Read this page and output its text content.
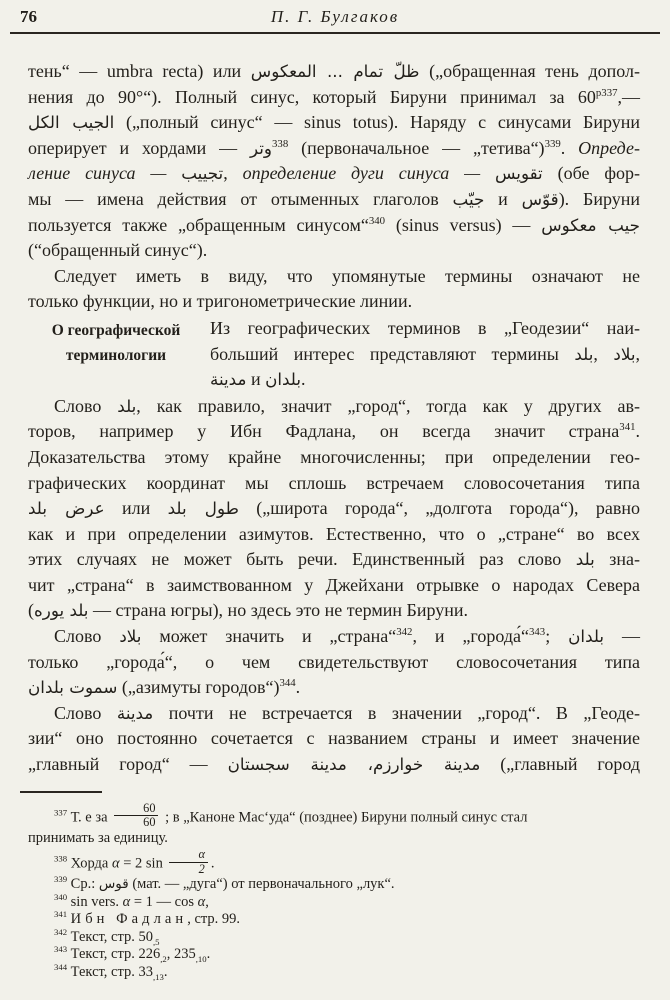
76	П. Г. Булгаков
тень“ — umbra recta) или ظلّ تمام ... المعكوس („обращенная тень допол-
нения до 90°“). Полный синус, который Бируни принимал за $60^{р337},—$
الجيب الكل („полный синус“ — sinus totus). Наряду с синусами Бируни
оперирует и хордами — وتر$^{338}$ (первоначальное — „тетива“)$^{339}$. Опреде-
ление синуса — تجييب, определение дуги синуса — تقويس (обе фор-
мы — имена действия от отыменных глаголов جيّب и قوّس). Бируни
пользуется также „обращенным синусом“$^{340}$ (sinus versus) — جيب معكوس
(“обращенный синус“).
Следует иметь в виду, что упомянутые термины означают не
только функции, но и тригонометрические линии.
О географической
терминологии
Из географических терминов в „Геодезии“ наи-
больший интерес представляют термины بلد, بلاد,
مدينة и بلدان.
Слово بلد, как правило, значит „город“, тогда как у других ав-
торов, например у Ибн Фадлана, он всегда значит страна$^{341}$.
Доказательства этому крайне многочисленны; при определении гео-
графических координат мы сплошь встречаем словосочетания типа
عرض بلد или طول بلد („широта города“, „долгота города“), равно
как и при определении азимутов. Естественно, что о „стране“ во всех
этих случаях не может быть речи. Единственный раз слово بلد зна-
чит „страна“ в заимствованном у Джейхани отрывке о народах Севера
(بلد يوره — страна югры), но здесь это не термин Бируни.
Слово بلاد может значить и „страна“$^{342}$, и „города́“$^{343}$; بلدان —
только „города́“, о чем свидетельствуют словосочетания типа
سموت بلدان („азимуты городов“)$^{344}$.
Слово مدينة почти не встречается в значении „город“. В „Геоде-
зии“ оно постоянно сочетается с названием страны и имеет значение
„главный город“ — مدينة خوارزم، مدينة سجستان („главный город
$^{337}$ Т. е за $\frac{60}{60}$ ; в „Каноне Мас‘уда“ (позднее) Бируни полный синус стал
принимать за единицу.
$^{338}$ Хорда α = 2 $\sin \frac{\alpha}{2}$ .
$^{339}$ Ср.: قوس (мат. — „дуга“) от первоначального „лук“.
$^{340}$ sin vers. α = 1 — cos α,
$^{341}$ Ибн Фадлан, стр. 99.
$^{342}$ Текст, стр. $50_{,5}$
$^{343}$ Текст, стр. $226_{,2}$, $235_{,10}$.
$^{344}$ Текст, стр. $33_{,13}$.
